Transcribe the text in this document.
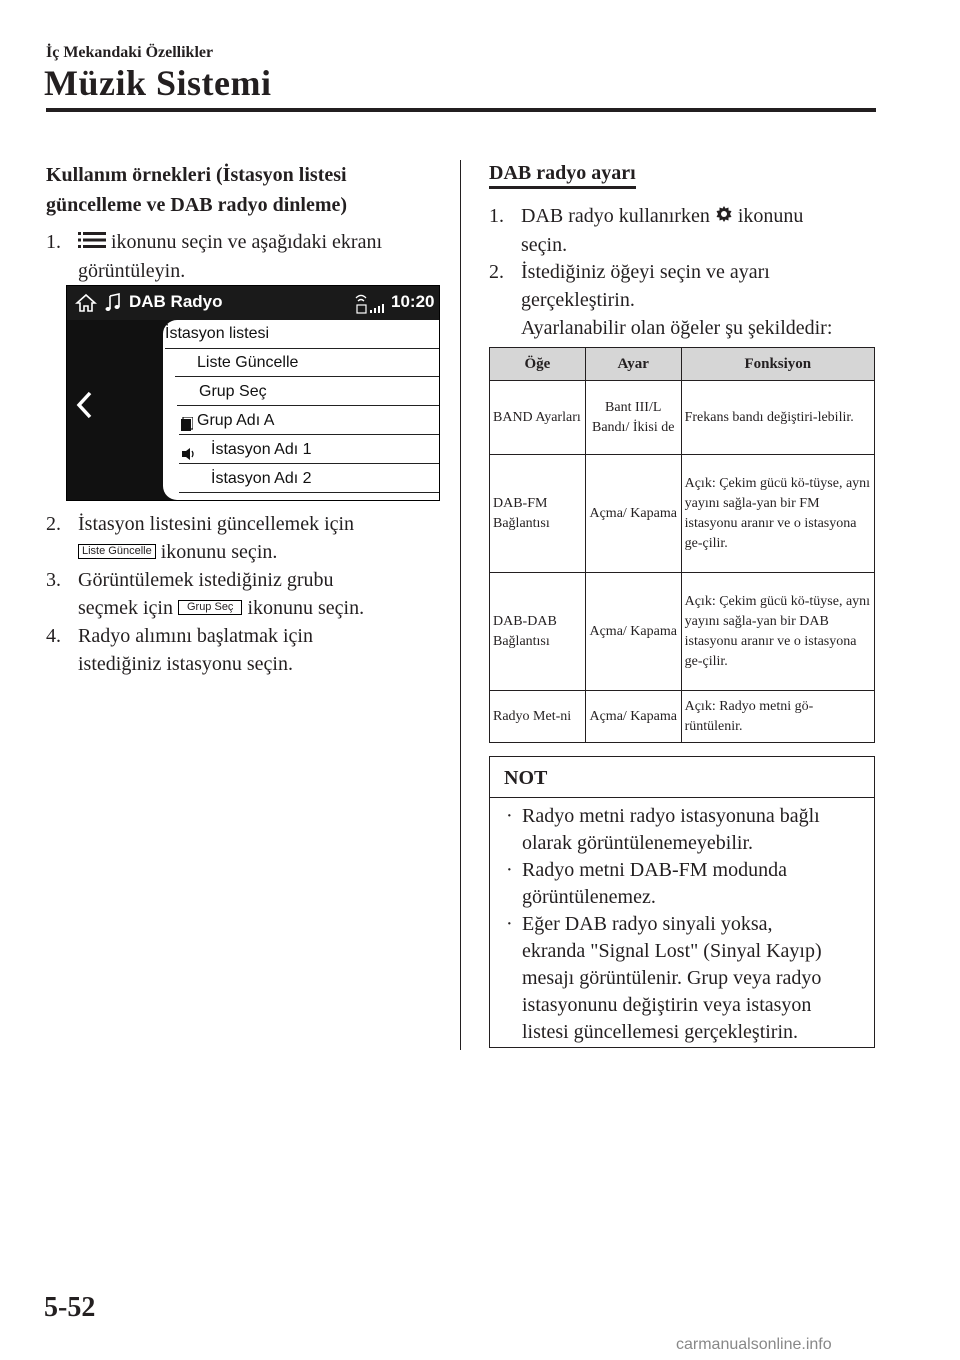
İç Mekandaki Özellikler
Müzik Sistemi
Kullanım örnekleri (İstasyon listesi
güncelleme ve DAB radyo dinleme)
1.	ikonunu seçin ve aşağıdaki ekranı
görüntüleyin.
DAB Radyo	10:20
İstasyon listesi
Liste Güncelle
Grup Seç
Grup Adı A
İstasyon Adı 1
İstasyon Adı 2
2. İstasyon listesini güncellemek için
Liste Güncelle ikonunu seçin.
3. Görüntülemek istediğiniz grubu
seçmek için Grup Seç ikonunu seçin.
4. Radyo alımını başlatmak için
istediğiniz istasyonu seçin.
DAB radyo ayarı
1. DAB radyo kullanırken ikonunu
seçin.
2. İstediğiniz öğeyi seçin ve ayarı
gerçekleştirin.
Ayarlanabilir olan öğeler şu şekildedir:
Öğe	Ayar	Fonksiyon
BAND Ayarları	Bant III/L Bandı/ İkisi de	Frekans bandı değiştiri-lebilir.
DAB-FM Bağlantısı	Açma/ Kapama	Açık: Çekim gücü kö-tüyse, aynı yayını sağla-yan bir FM istasyonu aranır ve o istasyona ge-çilir.
DAB-DAB Bağlantısı	Açma/ Kapama	Açık: Çekim gücü kö-tüyse, aynı yayını sağla-yan bir DAB istasyonu aranır ve o istasyona ge-çilir.
Radyo Met-ni	Açma/ Kapama	Açık: Radyo metni gö-rüntülenir.
NOT
· Radyo metni radyo istasyonuna bağlı
olarak görüntülenemeyebilir.
· Radyo metni DAB-FM modunda
görüntülenemez.
· Eğer DAB radyo sinyali yoksa,
ekranda "Signal Lost" (Sinyal Kayıp)
mesajı görüntülenir. Grup veya radyo
istasyonunu değiştirin veya istasyon
listesi güncellemesi gerçekleştirin.
5-52
carmanualsonline.info
